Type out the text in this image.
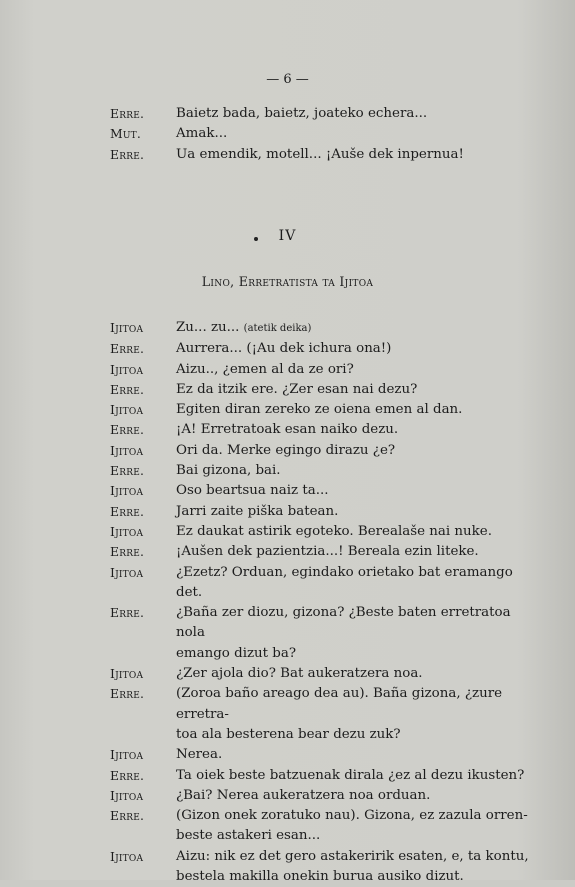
— 6 —
Erre. Baietz bada, baietz, joateko echera...
Mut.	Amak...
Erre. Ua emendik, motell... ¡Auše dek inpernua!
IV
Lino, Erretratista ta Ijitoa
Ijitoa Zu... zu... (atetik deika)
Erre. Aurrera... (¡Au dek ichura ona!)
Ijitoa Aizu.., ¿emen al da ze ori?
Erre. Ez da itzik ere. ¿Zer esan nai dezu?
Ijitoa Egiten diran zereko ze oiena emen al dan.
Erre. ¡A! Erretratoak esan naiko dezu.
Ijitoa Ori da. Merke egingo dirazu ¿e?
Erre. Bai gizona, bai.
Ijitoa Oso beartsua naiz ta...
Erre. Jarri zaite piška batean.
Ijitoa Ez daukat astirik egoteko. Berealaše nai nuke.
Erre. ¡Aušen dek pazientzia...! Bereala ezin liteke.
Ijitoa ¿Ezetz? Orduan, egindako orietako bat eramango det.
Erre. ¿Baña zer diozu, gizona? ¿Beste baten erretratoa nola
emango dizut ba?
Ijitoa ¿Zer ajola dio? Bat aukeratzera noa.
Erre. (Zoroa baño areago dea au). Baña gizona, ¿zure erretra-
toa ala besterena bear dezu zuk?
Ijitoa Nerea.
Erre. Ta oiek beste batzuenak dirala ¿ez al dezu ikusten?
Ijitoa ¿Bai? Nerea aukeratzera noa orduan.
Erre. (Gizon onek zoratuko nau). Gizona, ez zazula orren-
beste astakeri esan...
Ijitoa Aizu: nik ez det gero astakeririk esaten, e, ta kontu,
bestela makilla onekin burua ausiko dizut.
